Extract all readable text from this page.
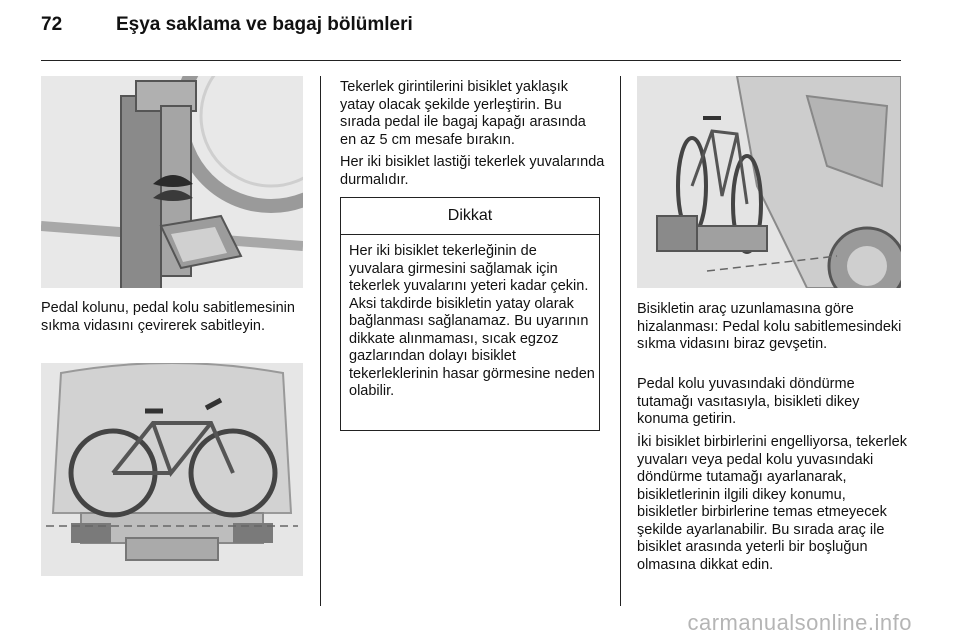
72	Eşya saklama ve bagaj bölümleri

Pedal kolunu, pedal kolu sabitlemesinin sıkma vidasını çevirerek sabitleyin.

Tekerlek girintilerini bisiklet yaklaşık yatay olacak şekilde yerleştirin. Bu sırada pedal ile bagaj kapağı arasında en az 5 cm mesafe bırakın.

Her iki bisiklet lastiği tekerlek yuvalarında durmalıdır.

Dikkat

Her iki bisiklet tekerleğinin de yuvalara girmesini sağlamak için tekerlek yuvalarını yeteri kadar çekin. Aksi takdirde bisikletin yatay olarak bağlanması sağlanamaz. Bu uyarının dikkate alınmaması, sıcak egzoz gazlarından dolayı bisiklet tekerleklerinin hasar görmesine neden olabilir.

Bisikletin araç uzunlamasına göre hizalanması: Pedal kolu sabitlemesindeki sıkma vidasını biraz gevşetin.

Pedal kolu yuvasındaki döndürme tutamağı vasıtasıyla, bisikleti dikey konuma getirin.

İki bisiklet birbirlerini engelliyorsa, tekerlek yuvaları veya pedal kolu yuvasındaki döndürme tutamağı ayarlanarak, bisikletlerinin ilgili dikey konumu, bisikletler birbirlerine temas etmeyecek şekilde ayarlanabilir. Bu sırada araç ile bisiklet arasında yeterli bir boşluğun olmasına dikkat edin.

carmanualsonline.info
